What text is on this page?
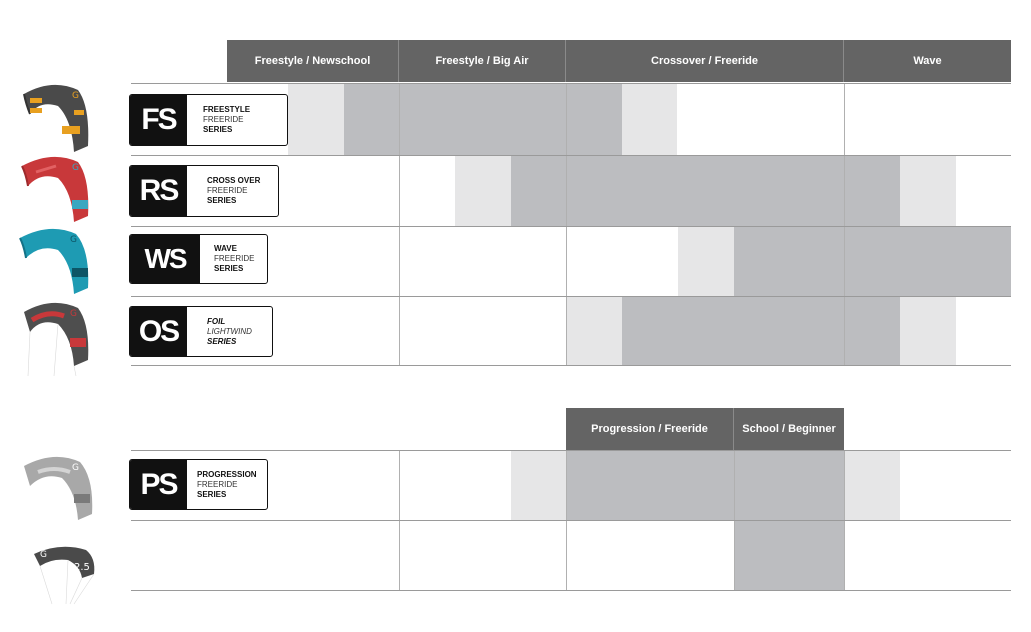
Freestyle / Newschool	Freestyle / Big Air	Crossover / Freeride	Wave
Progression / Freeride	School / Beginner
FS	FREESTYLE
FREERIDE
SERIES
RS	CROSS OVER
FREERIDE
SERIES
WS	WAVE
FREERIDE
SERIES
OS	FOIL
LIGHTWIND
SERIES
PS	PROGRESSION
FREERIDE
SERIES
G
G
G
G
G
G
2.5
